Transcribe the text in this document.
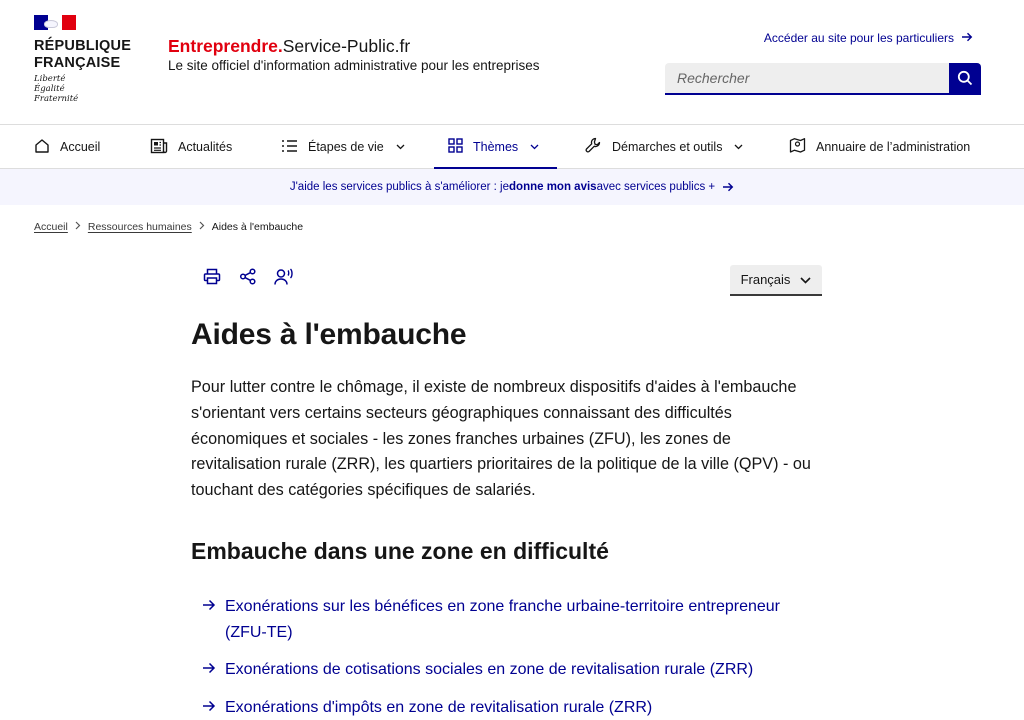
RÉPUBLIQUE
FRANÇAISE
Liberté
Égalité
Fraternité
Entreprendre.Service-Public.fr
Le site officiel d'information administrative pour les entreprises
Accéder au site pour les particuliers
Rechercher
Accueil	Actualités	Étapes de vie	Thèmes	Démarches et outils	Annuaire de l’administration
J'aide les services publics à s'améliorer : je donne mon avis avec services publics +
Accueil Ressources humaines Aides à l'embauche
Français
Aides à l'embauche

Pour lutter contre le chômage, il existe de nombreux dispositifs d'aides à l'embauche s'orientant vers certains secteurs géographiques connaissant des difficultés économiques et sociales - les zones franches urbaines (ZFU), les zones de revitalisation rurale (ZRR), les quartiers prioritaires de la politique de la ville (QPV) - ou touchant des catégories spécifiques de salariés.

Embauche dans une zone en difficulté
Exonérations sur les bénéfices en zone franche urbaine-territoire entrepreneur (ZFU-TE)
Exonérations de cotisations sociales en zone de revitalisation rurale (ZRR)
Exonérations d'impôts en zone de revitalisation rurale (ZRR)
